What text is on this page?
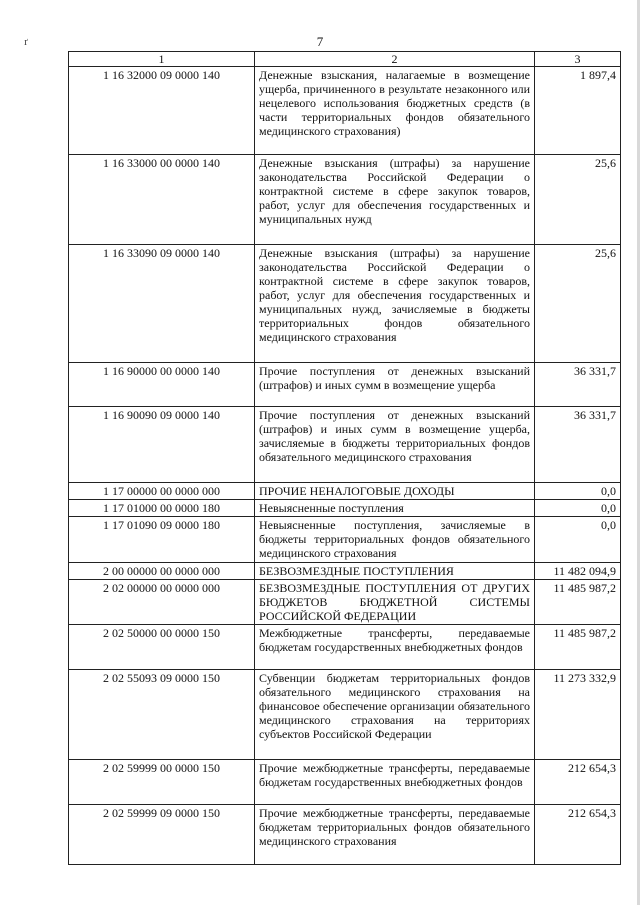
ґ	7
1	2	3
1 16 32000 09 0000 140	Денежные взыскания, налагаемые в возмещение ущерба, причиненного в результате незаконного или нецелевого использования бюджетных средств (в части территориальных фондов обязательного медицинского страхования)	1 897,4
1 16 33000 00 0000 140	Денежные взыскания (штрафы) за нарушение законодательства Российской Федерации о контрактной системе в сфере закупок товаров, работ, услуг для обеспечения государственных и муниципальных нужд	25,6
1 16 33090 09 0000 140	Денежные взыскания (штрафы) за нарушение законодательства Российской Федерации о контрактной системе в сфере закупок товаров, работ, услуг для обеспечения государственных и муниципальных нужд, зачисляемые в бюджеты территориальных фондов обязательного медицинского страхования	25,6
1 16 90000 00 0000 140	Прочие поступления от денежных взысканий (штрафов) и иных сумм в возмещение ущерба	36 331,7
1 16 90090 09 0000 140	Прочие поступления от денежных взысканий (штрафов) и иных сумм в возмещение ущерба, зачисляемые в бюджеты территориальных фондов обязательного медицинского страхования	36 331,7
1 17 00000 00 0000 000	ПРОЧИЕ НЕНАЛОГОВЫЕ ДОХОДЫ	0,0
1 17 01000 00 0000 180	Невыясненные поступления	0,0
1 17 01090 09 0000 180	Невыясненные поступления, зачисляемые в бюджеты территориальных фондов обязательного медицинского страхования	0,0
2 00 00000 00 0000 000	БЕЗВОЗМЕЗДНЫЕ ПОСТУПЛЕНИЯ	11 482 094,9
2 02 00000 00 0000 000	БЕЗВОЗМЕЗДНЫЕ ПОСТУПЛЕНИЯ ОТ ДРУГИХ БЮДЖЕТОВ БЮДЖЕТНОЙ СИСТЕМЫ РОССИЙСКОЙ ФЕДЕРАЦИИ	11 485 987,2
2 02 50000 00 0000 150	Межбюджетные трансферты, передаваемые бюджетам государственных внебюджетных фондов	11 485 987,2
2 02 55093 09 0000 150	Субвенции бюджетам территориальных фондов обязательного медицинского страхования на финансовое обеспечение организации обязательного медицинского страхования на территориях субъектов Российской Федерации	11 273 332,9
2 02 59999 00 0000 150	Прочие межбюджетные трансферты, передаваемые бюджетам государственных внебюджетных фондов	212 654,3
2 02 59999 09 0000 150	Прочие межбюджетные трансферты, передаваемые бюджетам территориальных фондов обязательного медицинского страхования	212 654,3
